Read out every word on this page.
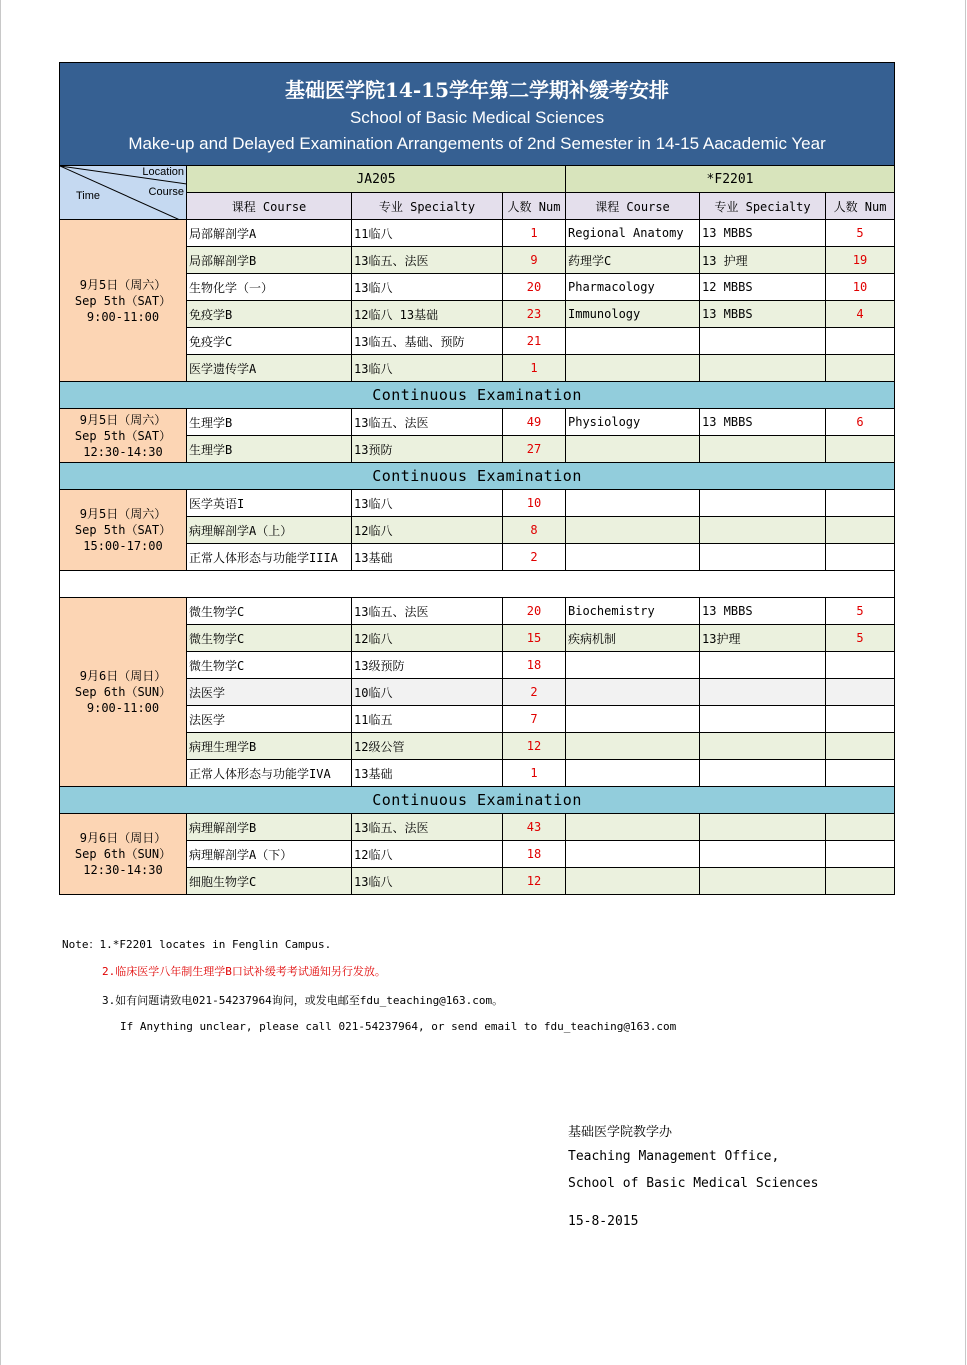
基础医学院14-15学年第二学期补缓考安排
School of Basic Medical Sciences
Make-up and Delayed Examination Arrangements of 2nd Semester in 14-15 Aacademic Year						

Location
Course
Time	JA205			*F2201		
	课程 Course	专业 Specialty	人数 Num	课程 Course	专业 Specialty	人数 Num

9月5日（周六）
Sep 5th（SAT）
9:00-11:00	局部解剖学A	11临八	1	Regional Anatomy	13 MBBS	5
	局部解剖学B	13临五、法医	9	药理学C	13 护理	19
	生物化学（一）	13临八	20	Pharmacology	12 MBBS	10
	免疫学B	12临八 13基础	23	Immunology	13 MBBS	4
	免疫学C	13临五、基础、预防	21			
	医学遗传学A	13临八	1			
Continuous Examination						

9月5日（周六）
Sep 5th（SAT）
12:30-14:30	生理学B	13临五、法医	49	Physiology	13 MBBS	6
	生理学B	13预防	27			
Continuous Examination						

9月5日（周六）
Sep 5th（SAT）
15:00-17:00	医学英语I	13临八	10			
	病理解剖学A（上）	12临八	8			
	正常人体形态与功能学IIIA	13基础	2			

9月6日（周日）
Sep 6th（SUN）
9:00-11:00	微生物学C	13临五、法医	20	Biochemistry	13 MBBS	5
	微生物学C	12临八	15	疾病机制	13护理	5
	微生物学C	13级预防	18			
	法医学	10临八	2			
	法医学	11临五	7			
	病理生理学B	12级公管	12			
	正常人体形态与功能学IVA	13基础	1			
Continuous Examination						

9月6日（周日）
Sep 6th（SUN）
12:30-14:30	病理解剖学B	13临五、法医	43			
	病理解剖学A（下）	12临八	18			
	细胞生物学C	13临八	12			
Note：1.*F2201 locates in Fenglin Campus.
2.临床医学八年制生理学B口试补缓考考试通知另行发放。
3.如有问题请致电021-54237964询问，或发电邮至fdu_teaching@163.com。
If Anything unclear, please call 021-54237964, or send email to fdu_teaching@163.com
基础医学院教学办
Teaching Management Office,
School of Basic Medical Sciences
15-8-2015
